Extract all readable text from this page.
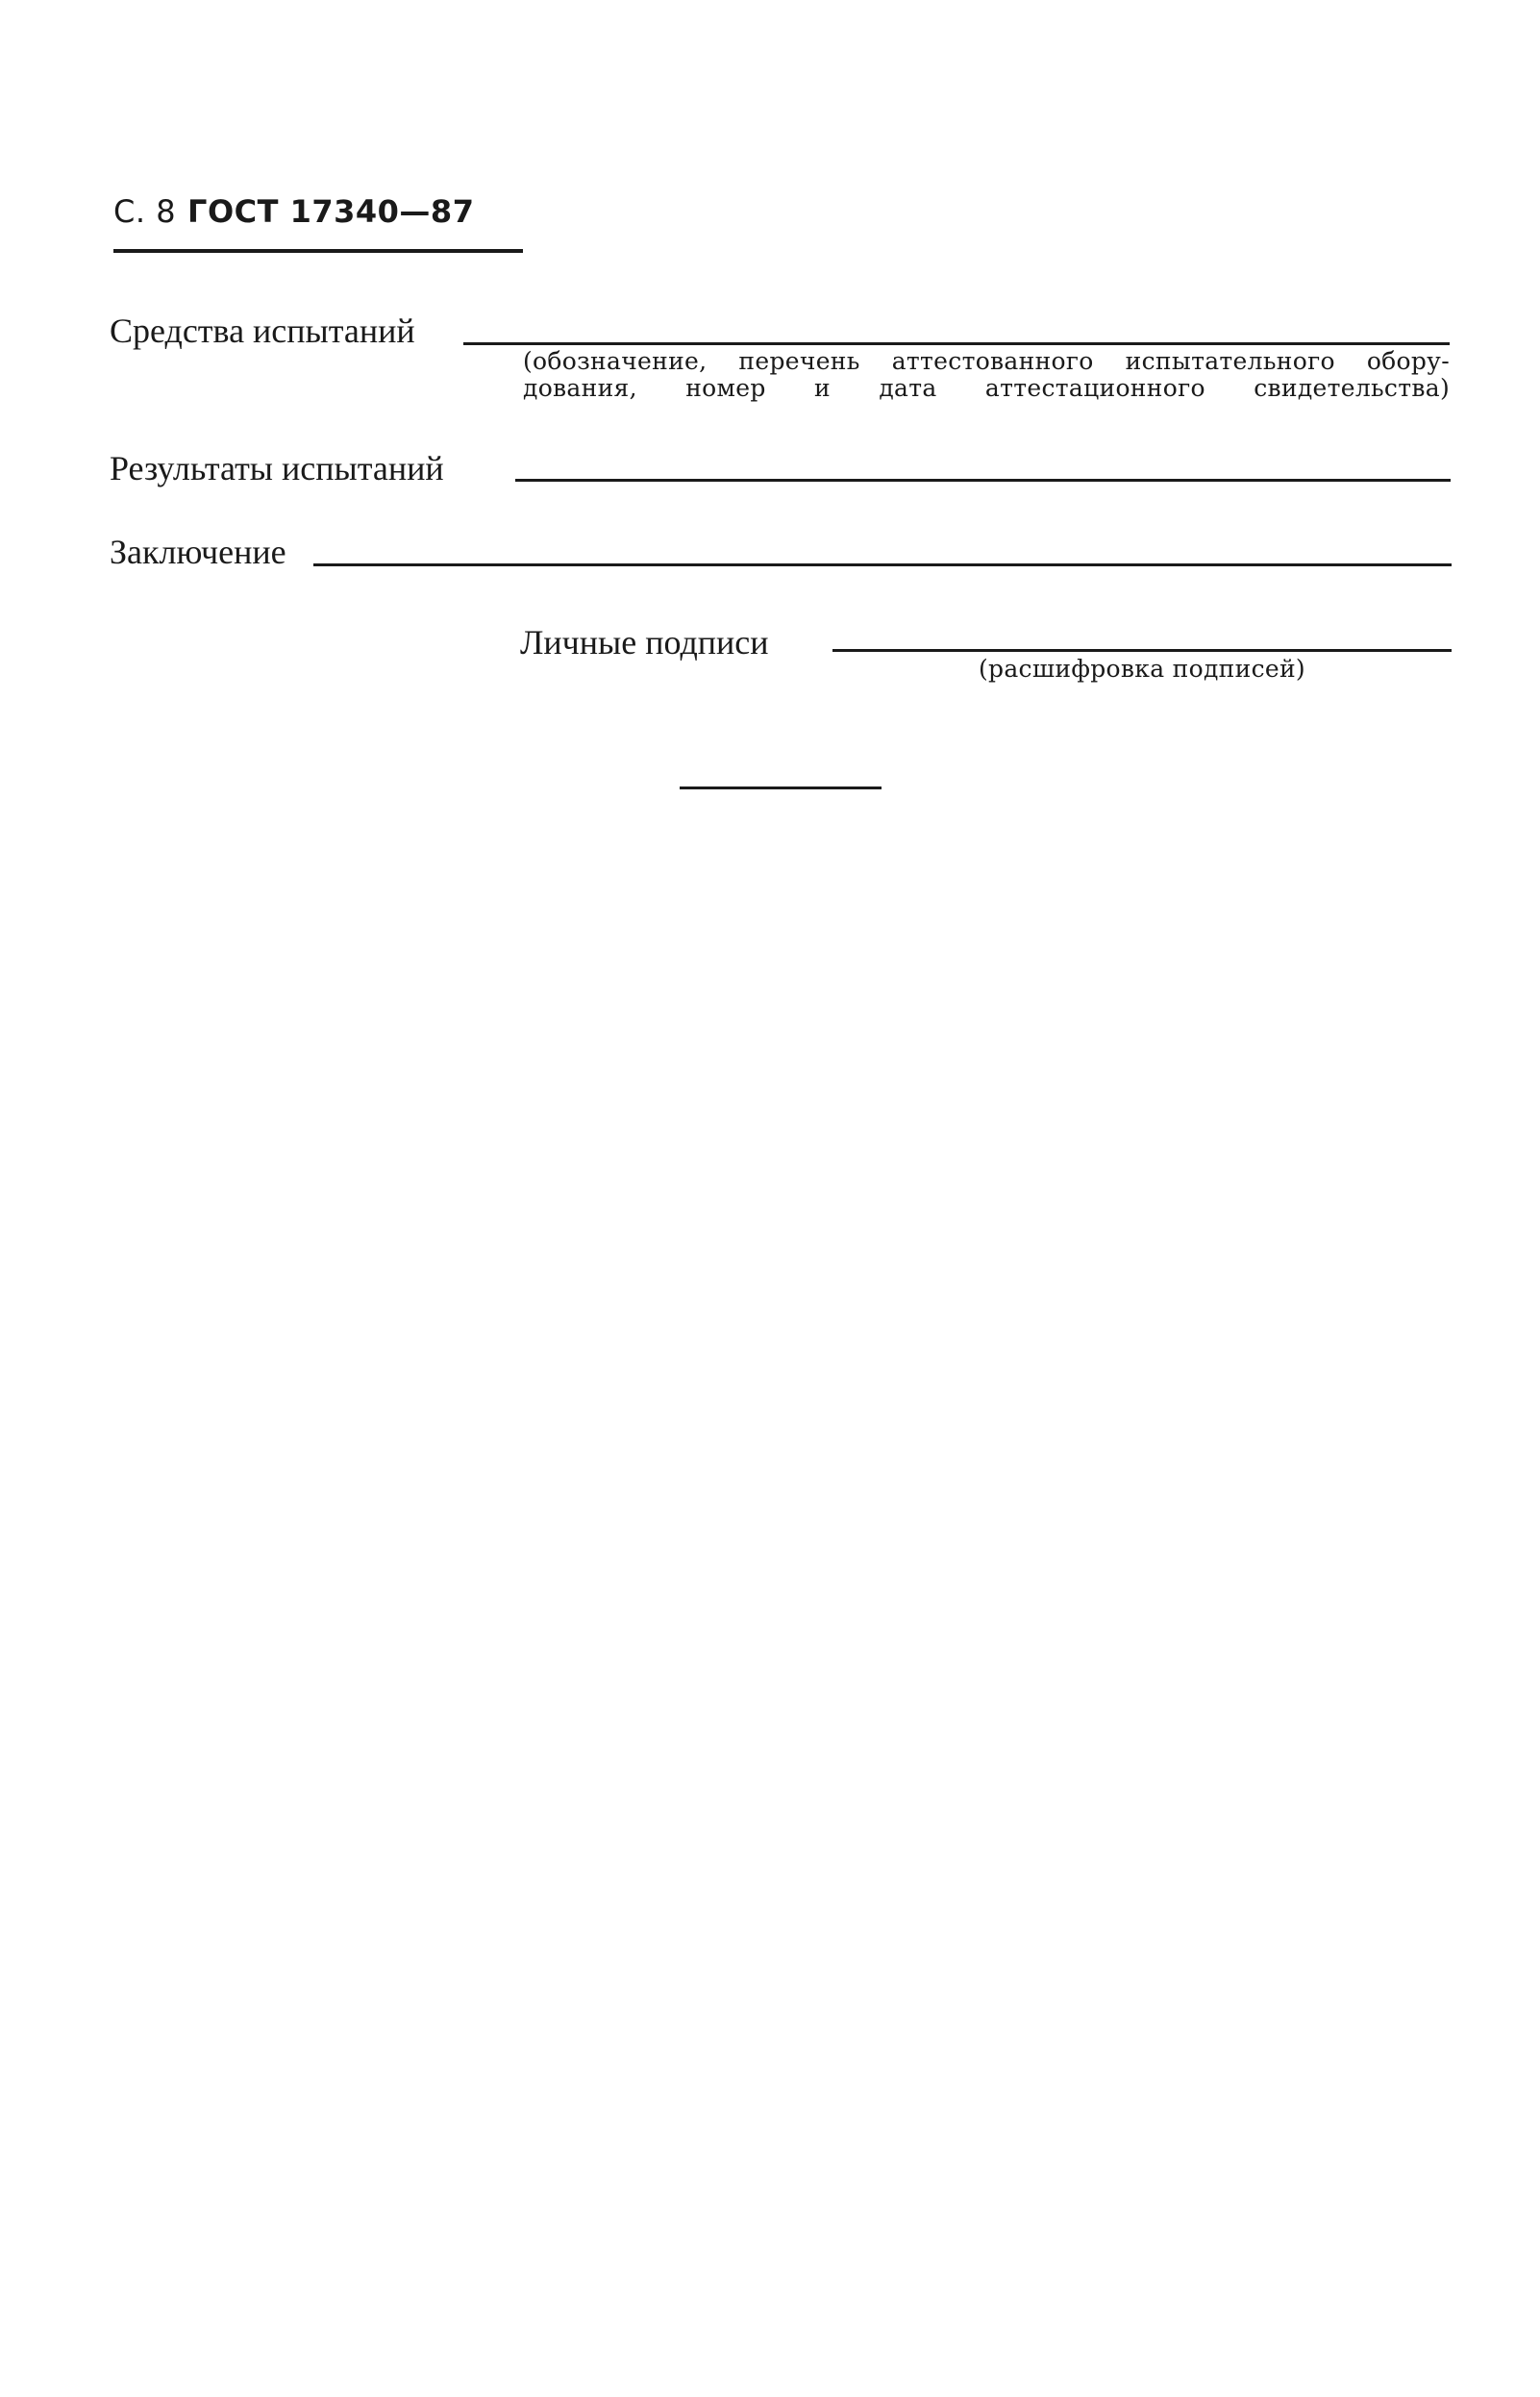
С. 8 ГОСТ 17340—87
Средства испытаний
(обозначение, перечень аттестованного испытательного обору-
дования, номер и дата аттестационного свидетельства)
Результаты испытаний
Заключение
Личные подписи
(расшифровка подписей)
